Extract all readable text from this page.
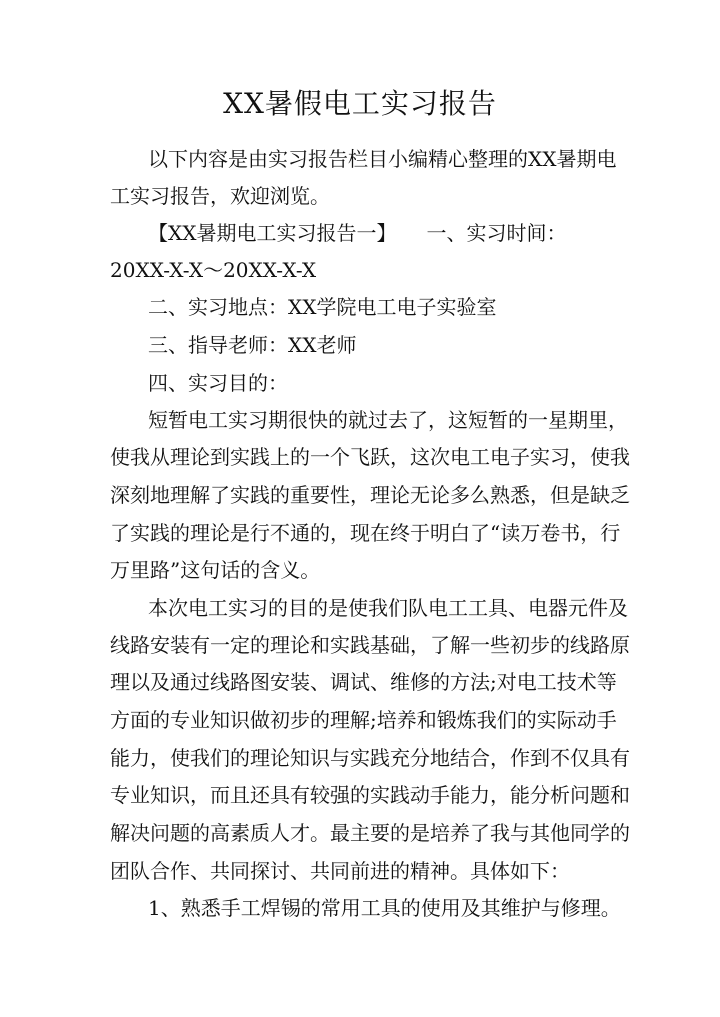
XX暑假电工实习报告
以下内容是由实习报告栏目小编精心整理的XX暑期电
工实习报告，欢迎浏览。
【XX暑期电工实习报告一】　　一、实习时间：
20XX-X-X～20XX-X-X
二、实习地点：XX学院电工电子实验室
三、指导老师：XX老师
四、实习目的：
短暂电工实习期很快的就过去了，这短暂的一星期里，
使我从理论到实践上的一个飞跃，这次电工电子实习，使我
深刻地理解了实践的重要性，理论无论多么熟悉，但是缺乏
了实践的理论是行不通的，现在终于明白了“读万卷书，行
万里路”这句话的含义。
本次电工实习的目的是使我们队电工工具、电器元件及
线路安装有一定的理论和实践基础，了解一些初步的线路原
理以及通过线路图安装、调试、维修的方法;对电工技术等
方面的专业知识做初步的理解;培养和锻炼我们的实际动手
能力，使我们的理论知识与实践充分地结合，作到不仅具有
专业知识，而且还具有较强的实践动手能力，能分析问题和
解决问题的高素质人才。最主要的是培养了我与其他同学的
团队合作、共同探讨、共同前进的精神。具体如下：
1、熟悉手工焊锡的常用工具的使用及其维护与修理。
